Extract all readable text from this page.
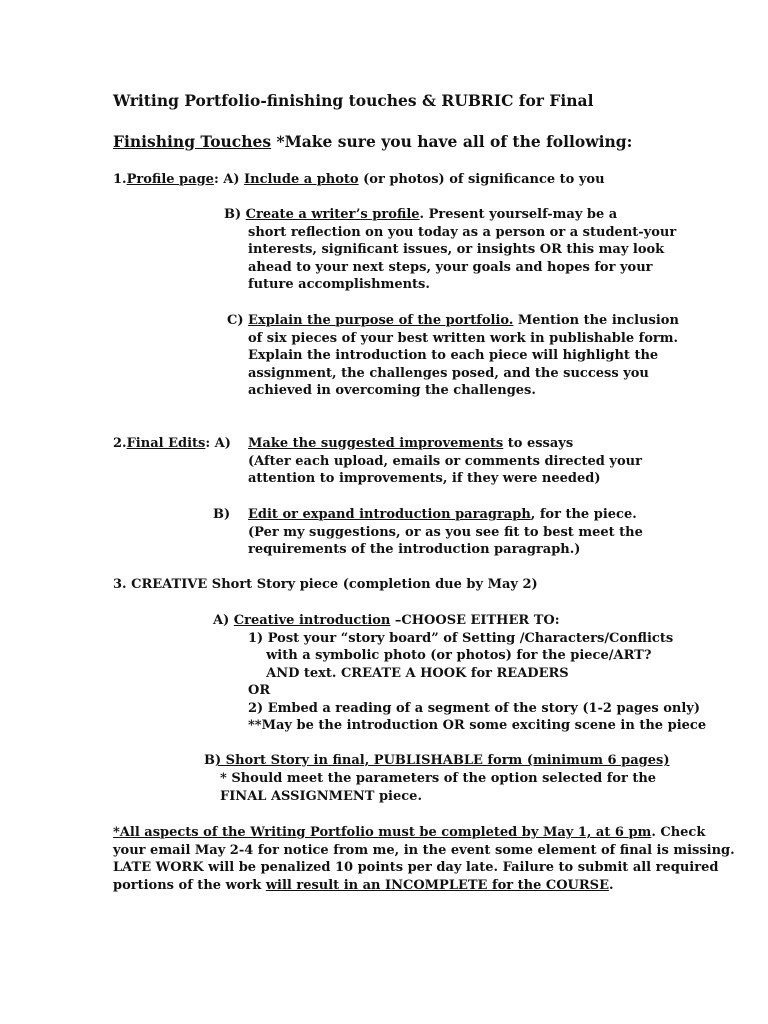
Writing Portfolio-finishing touches & RUBRIC for Final
Finishing Touches *Make sure you have all of the following:
1.Profile page: A) Include a photo (or photos) of significance to you
B) Create a writer’s profile. Present yourself-may be a
short reflection on you today as a person or a student-your
interests, significant issues, or insights OR this may look
ahead to your next steps, your goals and hopes for your
future accomplishments.
C) Explain the purpose of the portfolio. Mention the inclusion
of six pieces of your best written work in publishable form.
Explain the introduction to each piece will highlight the
assignment, the challenges posed, and the success you
achieved in overcoming the challenges.
2.Final Edits: A) Make the suggested improvements to essays
(After each upload, emails or comments directed your
attention to improvements, if they were needed)
B) Edit or expand introduction paragraph, for the piece.
(Per my suggestions, or as you see fit to best meet the
requirements of the introduction paragraph.)
3. CREATIVE Short Story piece (completion due by May 2)
A) Creative introduction –CHOOSE EITHER TO:
1) Post your “story board” of Setting /Characters/Conflicts
with a symbolic photo (or photos) for the piece/ART?
AND text. CREATE A HOOK for READERS
OR
2) Embed a reading of a segment of the story (1-2 pages only)
**May be the introduction OR some exciting scene in the piece
B) Short Story in final, PUBLISHABLE form (minimum 6 pages)
* Should meet the parameters of the option selected for the
FINAL ASSIGNMENT piece.
*All aspects of the Writing Portfolio must be completed by May 1, at 6 pm. Check
your email May 2-4 for notice from me, in the event some element of final is missing.
LATE WORK will be penalized 10 points per day late. Failure to submit all required
portions of the work will result in an INCOMPLETE for the COURSE.
